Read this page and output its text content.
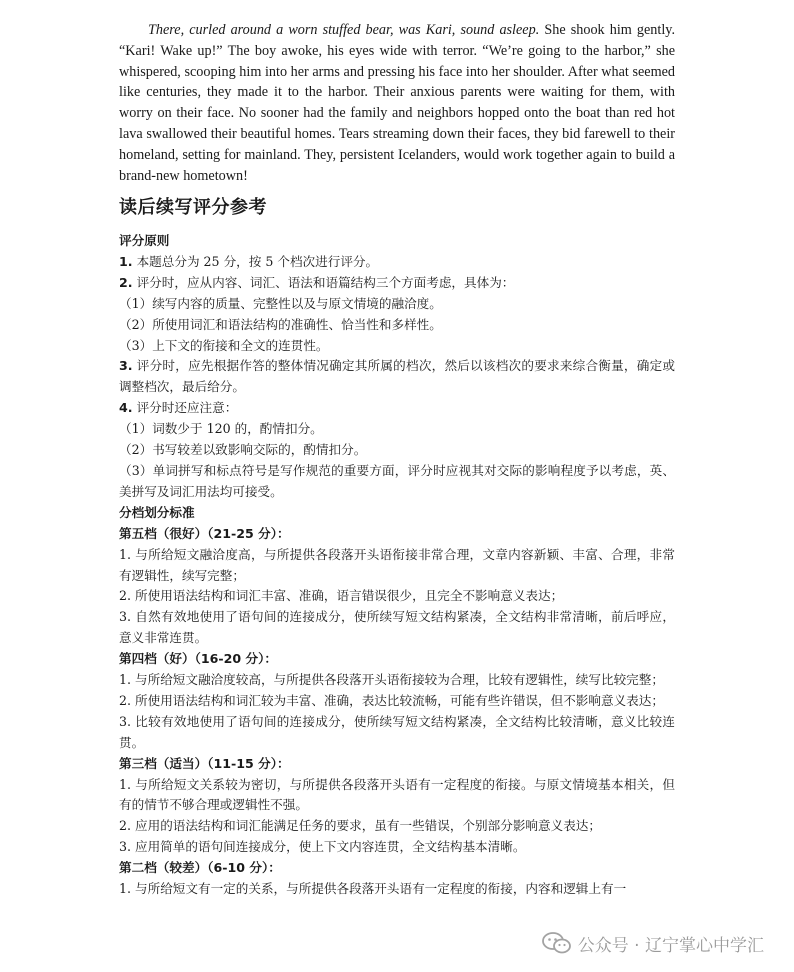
There, curled around a worn stuffed bear, was Kari, sound asleep. She shook him gently. “Kari! Wake up!” The boy awoke, his eyes wide with terror. “We’re going to the harbor,” she whispered, scooping him into her arms and pressing his face into her shoulder. After what seemed like centuries, they made it to the harbor. Their anxious parents were waiting for them, with worry on their face. No sooner had the family and neighbors hopped onto the boat than red hot lava swallowed their beautiful homes. Tears streaming down their faces, they bid farewell to their homeland, setting for mainland. They, persistent Icelanders, would work together again to build a brand-new hometown!

读后续写评分参考

评分原则

1. 本题总分为 25 分，按 5 个档次进行评分。

2. 评分时，应从内容、词汇、语法和语篇结构三个方面考虑，具体为：

（1）续写内容的质量、完整性以及与原文情境的融洽度。

（2）所使用词汇和语法结构的准确性、恰当性和多样性。

（3）上下文的衔接和全文的连贯性。

3. 评分时，应先根据作答的整体情况确定其所属的档次，然后以该档次的要求来综合衡量，确定或调整档次，最后给分。

4. 评分时还应注意：

（1）词数少于 120 的，酌情扣分。

（2）书写较差以致影响交际的，酌情扣分。

（3）单词拼写和标点符号是写作规范的重要方面，评分时应视其对交际的影响程度予以考虑，英、美拼写及词汇用法均可接受。

分档划分标准

第五档（很好）（21-25 分）：

1. 与所给短文融洽度高，与所提供各段落开头语衔接非常合理，文章内容新颖、丰富、合理，非常有逻辑性，续写完整；

2. 所使用语法结构和词汇丰富、准确，语言错误很少，且完全不影响意义表达；

3. 自然有效地使用了语句间的连接成分，使所续写短文结构紧凑，全文结构非常清晰，前后呼应，意义非常连贯。

第四档（好）（16-20 分）：

1. 与所给短文融洽度较高，与所提供各段落开头语衔接较为合理，比较有逻辑性，续写比较完整；

2. 所使用语法结构和词汇较为丰富、准确，表达比较流畅，可能有些许错误，但不影响意义表达；

3. 比较有效地使用了语句间的连接成分，使所续写短文结构紧凑，全文结构比较清晰，意义比较连贯。

第三档（适当）（11-15 分）：

1. 与所给短文关系较为密切，与所提供各段落开头语有一定程度的衔接。与原文情境基本相关，但有的情节不够合理或逻辑性不强。

2. 应用的语法结构和词汇能满足任务的要求，虽有一些错误，个别部分影响意义表达；

3. 应用简单的语句间连接成分，使上下文内容连贯，全文结构基本清晰。

第二档（较差）（6-10 分）：

1. 与所给短文有一定的关系，与所提供各段落开头语有一定程度的衔接，内容和逻辑上有一

公众号 · 辽宁掌心中学汇
